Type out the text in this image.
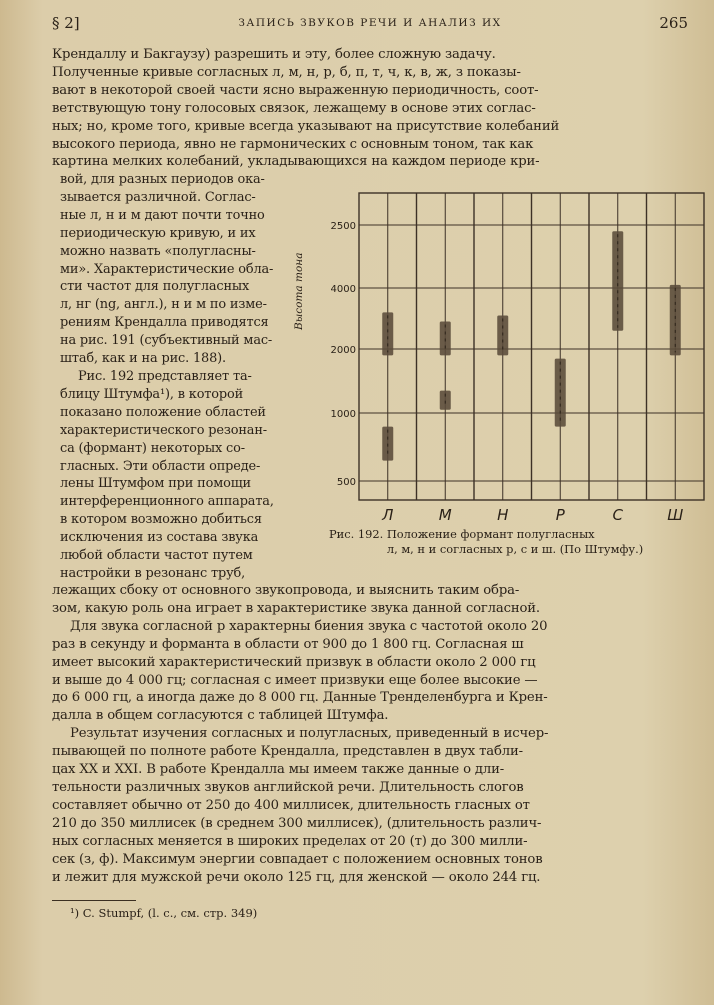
§ 2]	ЗАПИСЬ ЗВУКОВ РЕЧИ И АНАЛИЗ ИХ	265
Крендаллу и Бакгаузу) разрешить и эту, более сложную задачу.
Полученные кривые согласных л, м, н, р, б, п, т, ч, к, в, ж, з показы-
вают в некоторой своей части ясно выраженную периодичность, соот-
ветствующую тону голосовых связок, лежащему в основе этих соглас-
ных; но, кроме того, кривые всегда указывают на присутствие колебаний
высокого периода, явно не гармонических с основным тоном, так как
картина мелких колебаний, укладывающихся на каждом периоде кри-
вой, для разных периодов ока-
зывается различной. Соглас-
ные л, н и м дают почти точно
периодическую кривую, и их
можно назвать «полугласны-
ми». Характеристические обла-
сти частот для полугласных
л, нг (ng, англ.), н и м по изме-
рениям Крендалла приводятся
на рис. 191 (субъективный мас-
штаб, как и на рис. 188).
Рис. 192 представляет та-
блицу Штумфа¹), в которой
показано положение областей
характеристического резонан-
са (формант) некоторых со-
гласных. Эти области опреде-
лены Штумфом при помощи
интерференционного аппарата,
в котором возможно добиться
исключения из состава звука
любой области частот путем
настройки в резонанс труб,
Высота тона
500
1000
2000
4000
2500
Л	М	Н	Р	С	Ш
Рис. 192. Положение формант полугласных
л, м, н и согласных р, с и ш. (По Штумфу.)
лежащих сбоку от основного звукопровода, и выяснить таким обра-
зом, какую роль она играет в характеристике звука данной согласной.
Для звука согласной р характерны биения звука с частотой около 20
раз в секунду и форманта в области от 900 до 1 800 гц. Согласная ш
имеет высокий характеристический призвук в области около 2 000 гц
и выше до 4 000 гц; согласная с имеет призвуки еще более высокие —
до 6 000 гц, а иногда даже до 8 000 гц. Данные Тренделенбурга и Крен-
далла в общем согласуются с таблицей Штумфа.
Результат изучения согласных и полугласных, приведенный в исчер-
пывающей по полноте работе Крендалла, представлен в двух табли-
цах XX и XXI. В работе Крендалла мы имеем также данные о дли-
тельности различных звуков английской речи. Длительность слогов
составляет обычно от 250 до 400 миллисек, длительность гласных от
210 до 350 миллисек (в среднем 300 миллисек), (длительность различ-
ных согласных меняется в широких пределах от 20 (т) до 300 милли-
сек (з, ф). Максимум энергии совпадает с положением основных тонов
и лежит для мужской речи около 125 гц, для женской — около 244 гц.
¹) C. Stumpf, (l. c., см. стр. 349)
